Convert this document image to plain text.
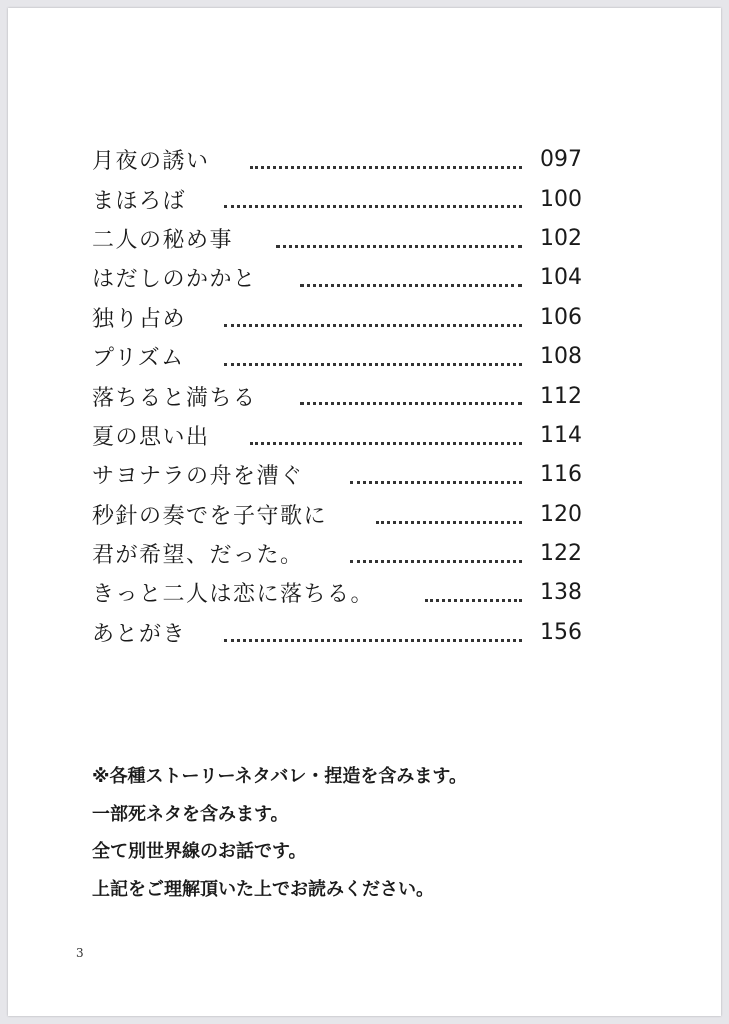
月夜の誘い	097
まほろば	100
二人の秘め事	102
はだしのかかと	104
独り占め	106
プリズム	108
落ちると満ちる	112
夏の思い出	114
サヨナラの舟を漕ぐ	116
秒針の奏でを子守歌に	120
君が希望、だった。	122
きっと二人は恋に落ちる。	138
あとがき	156
※各種ストーリーネタバレ・捏造を含みます。
一部死ネタを含みます。
全て別世界線のお話です。
上記をご理解頂いた上でお読みください。
3
